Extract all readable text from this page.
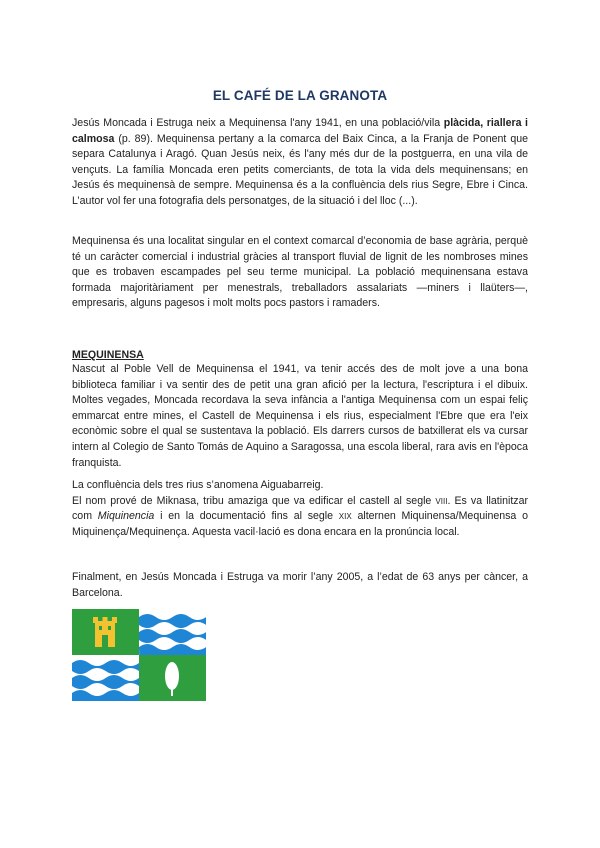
EL CAFÉ DE LA GRANOTA

Jesús Moncada i Estruga neix a Mequinensa l'any 1941, en una població/vila plàcida, riallera i calmosa (p. 89). Mequinensa pertany a la comarca del Baix Cinca, a la Franja de Ponent que separa Catalunya i Aragó. Quan Jesús neix, és l'any més dur de la postguerra, en una vila de vençuts. La família Moncada eren petits comerciants, de tota la vida dels mequinensans; en Jesús és mequinensà de sempre. Mequinensa és a la confluència dels rius Segre, Ebre i Cinca. L’autor vol fer una fotografia dels personatges, de la situació i del lloc (...).

Mequinensa és una localitat singular en el context comarcal d’economia de base agrària, perquè té un caràcter comercial i industrial gràcies al transport fluvial de lignit de les nombroses mines que es trobaven escampades pel seu terme municipal. La població mequinensana estava formada majoritàriament per menestrals, treballadors assalariats —miners i llaüters—, empresaris, alguns pagesos i molt molts pocs pastors i ramaders.

MEQUINENSA

Nascut al Poble Vell de Mequinensa el 1941, va tenir accés des de molt jove a una bona biblioteca familiar i va sentir des de petit una gran afició per la lectura, l'escriptura i el dibuix. Moltes vegades, Moncada recordava la seva infància a l'antiga Mequinensa com un espai feliç emmarcat entre mines, el Castell de Mequinensa i els rius, especialment l'Ebre que era l'eix econòmic sobre el qual se sustentava la població. Els darrers cursos de batxillerat els va cursar intern al Colegio de Santo Tomás de Aquino a Saragossa, una escola liberal, rara avis en l'època franquista.

La confluència dels tres rius s’anomena Aiguabarreig.
El nom prové de Miknasa, tribu amaziga que va edificar el castell al segle VIII. Es va llatinitzar com Miquinencia i en la documentació fins al segle XIX alternen Miquinensa/Mequinensa o Miquinença/Mequinença. Aquesta vacil·lació es dona encara en la pronúncia local.

Finalment, en Jesús Moncada i Estruga va morir l’any 2005, a l’edat de 63 anys per càncer, a Barcelona.
